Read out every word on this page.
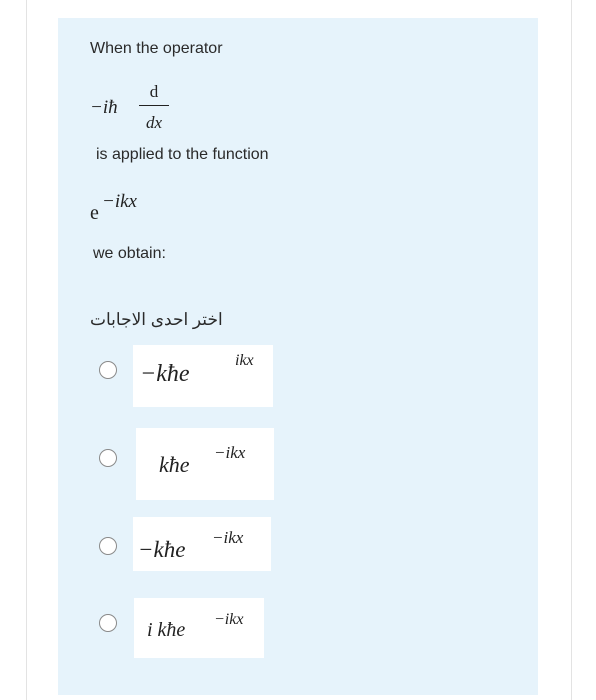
When the operator
−iħ
d
dx
is applied to the function
e
−ikx
we obtain:
اختر احدى الاجابات
−kħe
ikx
kħe −ikx
−kħe −ikx
i kħe −ikx
